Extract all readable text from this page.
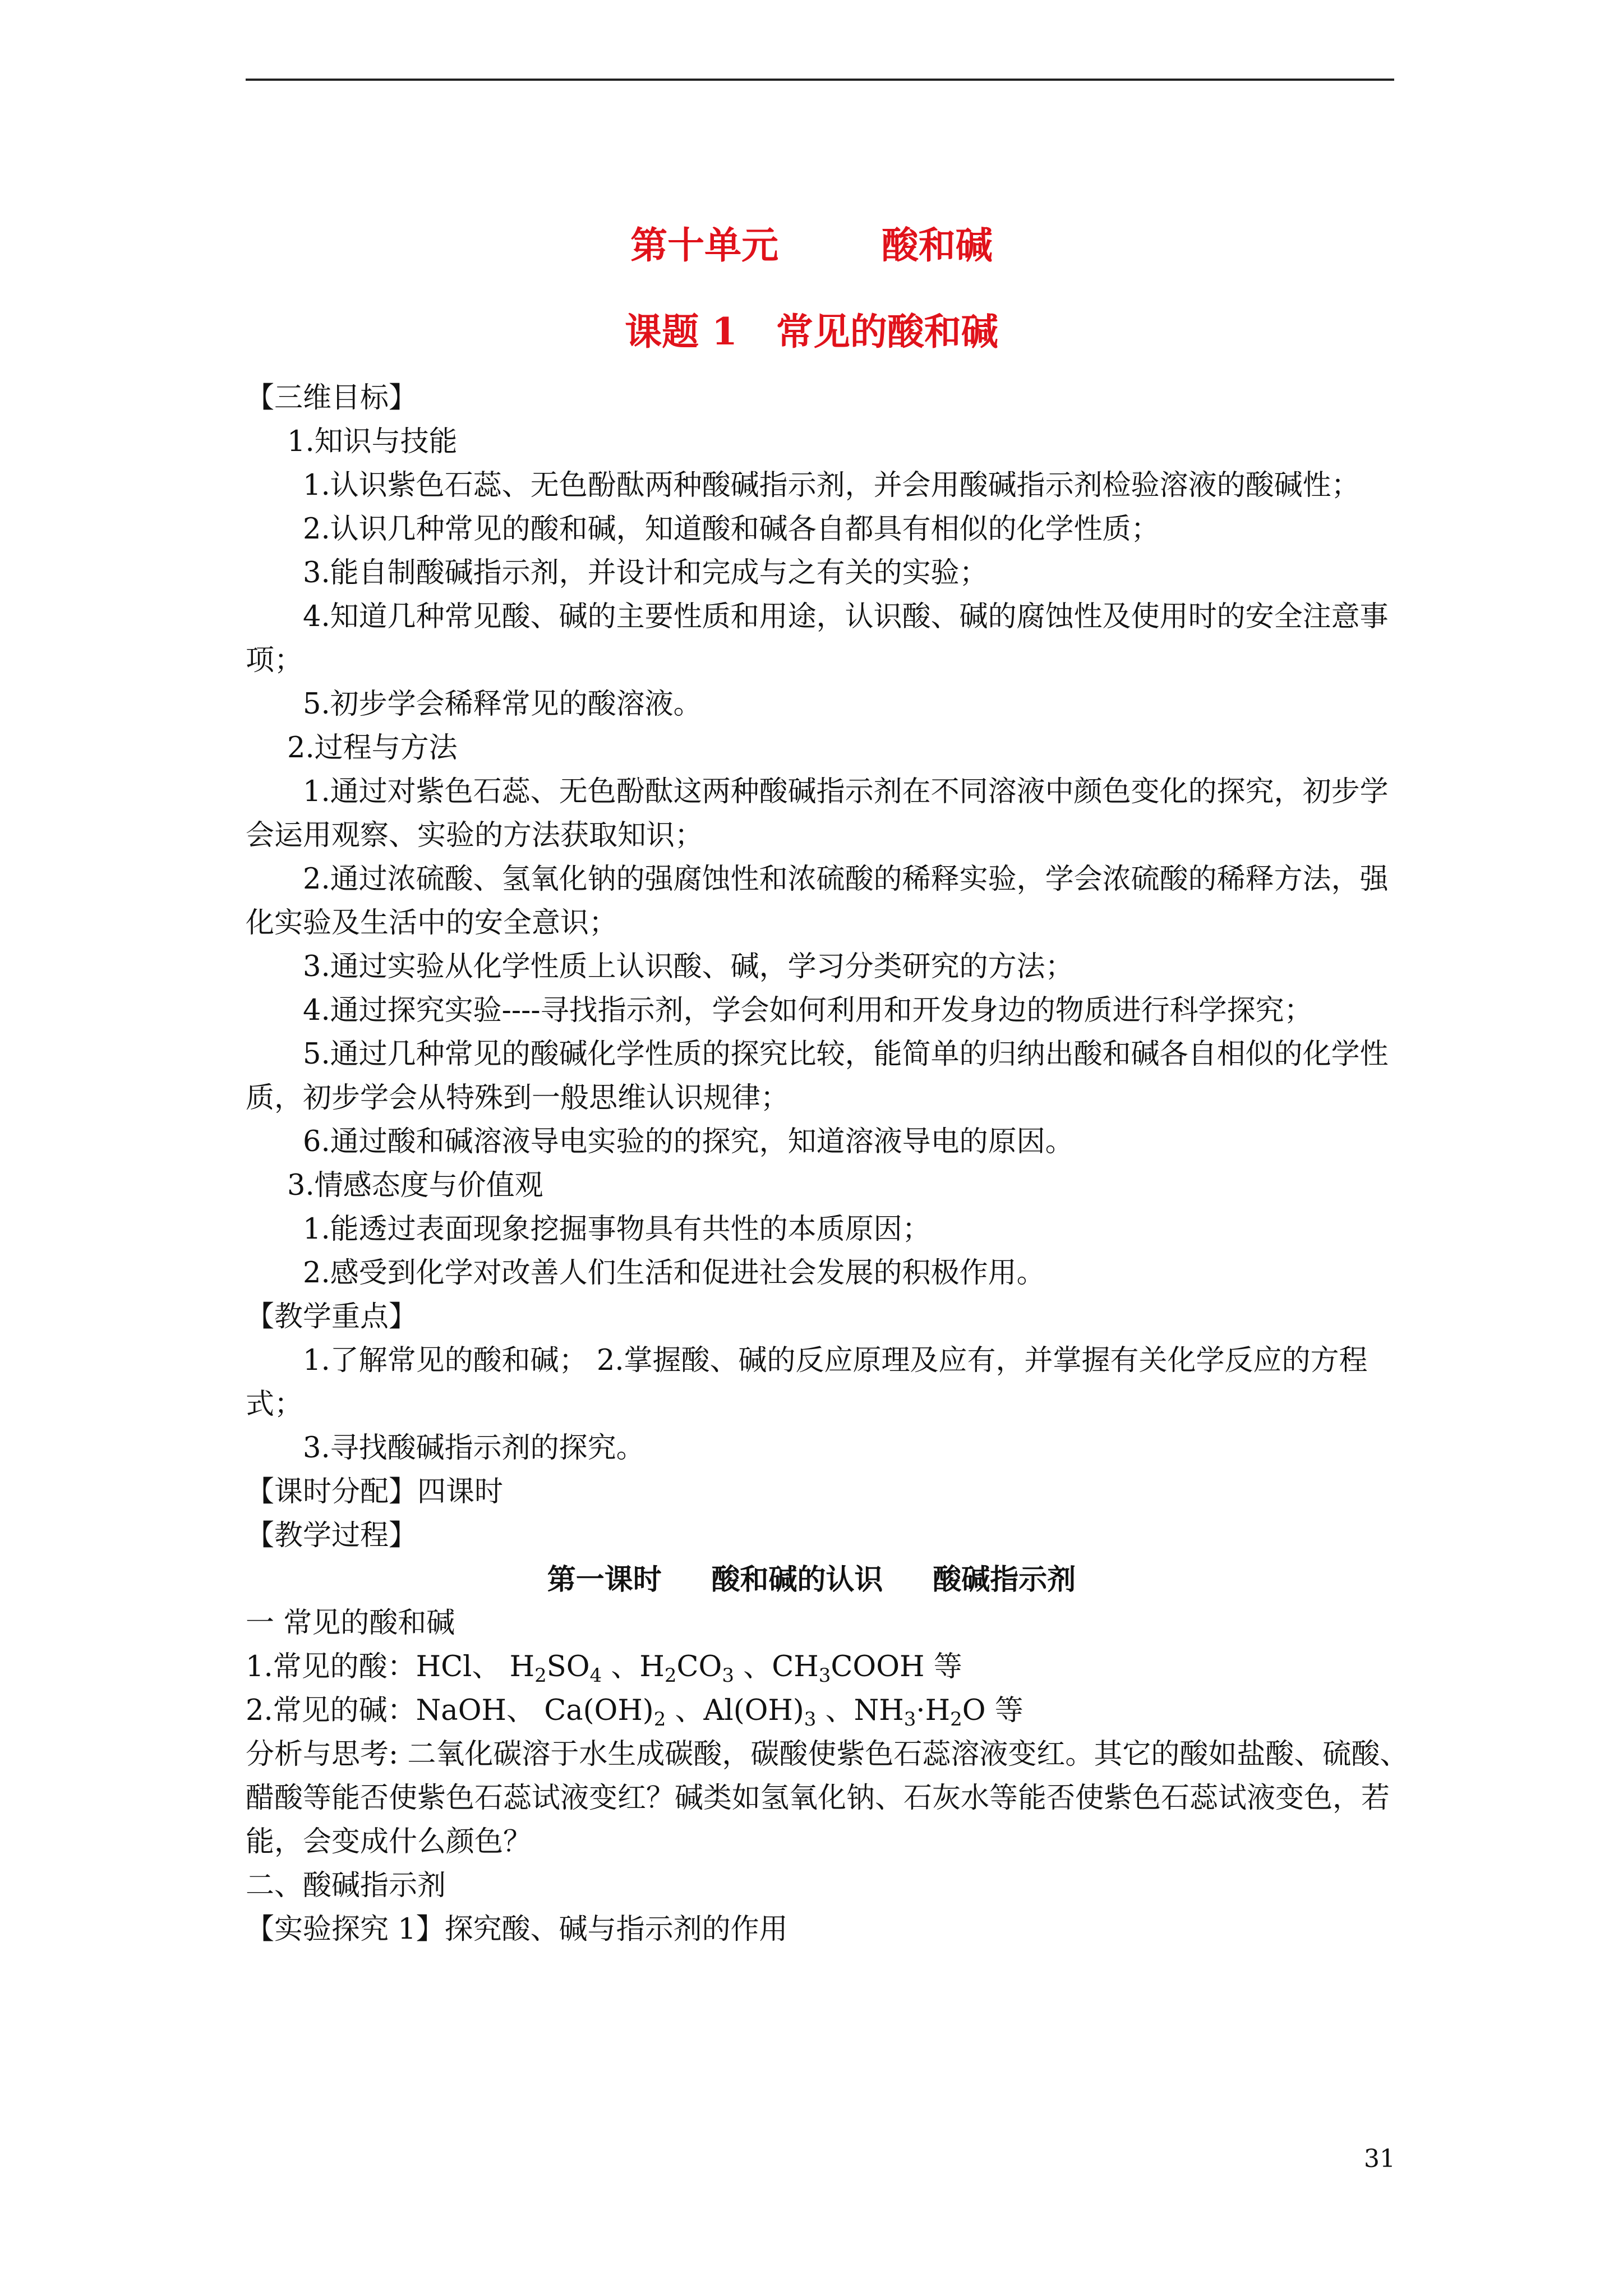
第十单元        酸和碱
课题 1   常见的酸和碱
【三维目标】
1.知识与技能
1.认识紫色石蕊、无色酚酞两种酸碱指示剂，并会用酸碱指示剂检验溶液的酸碱性；
2.认识几种常见的酸和碱，知道酸和碱各自都具有相似的化学性质；
3.能自制酸碱指示剂，并设计和完成与之有关的实验；
4.知道几种常见酸、碱的主要性质和用途，认识酸、碱的腐蚀性及使用时的安全注意事
项；
5.初步学会稀释常见的酸溶液。
2.过程与方法
1.通过对紫色石蕊、无色酚酞这两种酸碱指示剂在不同溶液中颜色变化的探究，初步学
会运用观察、实验的方法获取知识；
2.通过浓硫酸、氢氧化钠的强腐蚀性和浓硫酸的稀释实验，学会浓硫酸的稀释方法，强
化实验及生活中的安全意识；
3.通过实验从化学性质上认识酸、碱，学习分类研究的方法；
4.通过探究实验----寻找指示剂，学会如何利用和开发身边的物质进行科学探究；
5.通过几种常见的酸碱化学性质的探究比较，能简单的归纳出酸和碱各自相似的化学性
质，初步学会从特殊到一般思维认识规律；
6.通过酸和碱溶液导电实验的的探究，知道溶液导电的原因。
3.情感态度与价值观
1.能透过表面现象挖掘事物具有共性的本质原因；
2.感受到化学对改善人们生活和促进社会发展的积极作用。
【教学重点】
1.了解常见的酸和碱； 2.掌握酸、碱的反应原理及应有，并掌握有关化学反应的方程
式；
3.寻找酸碱指示剂的探究。
【课时分配】四课时
【教学过程】
第一课时     酸和碱的认识     酸碱指示剂
一 常见的酸和碱
1.常见的酸：HCl、 $H_2SO_4$ 、$H_2CO_3$ 、$CH_3COOH$ 等
2.常见的碱：NaOH、 $Ca(OH)_2$ 、$Al(OH)_3$ 、$NH_3\cdot H_2O$ 等
分析与思考: 二氧化碳溶于水生成碳酸，碳酸使紫色石蕊溶液变红。其它的酸如盐酸、硫酸、
醋酸等能否使紫色石蕊试液变红？碱类如氢氧化钠、石灰水等能否使紫色石蕊试液变色，若
能，会变成什么颜色？
二、酸碱指示剂
【实验探究 1】探究酸、碱与指示剂的作用
31
